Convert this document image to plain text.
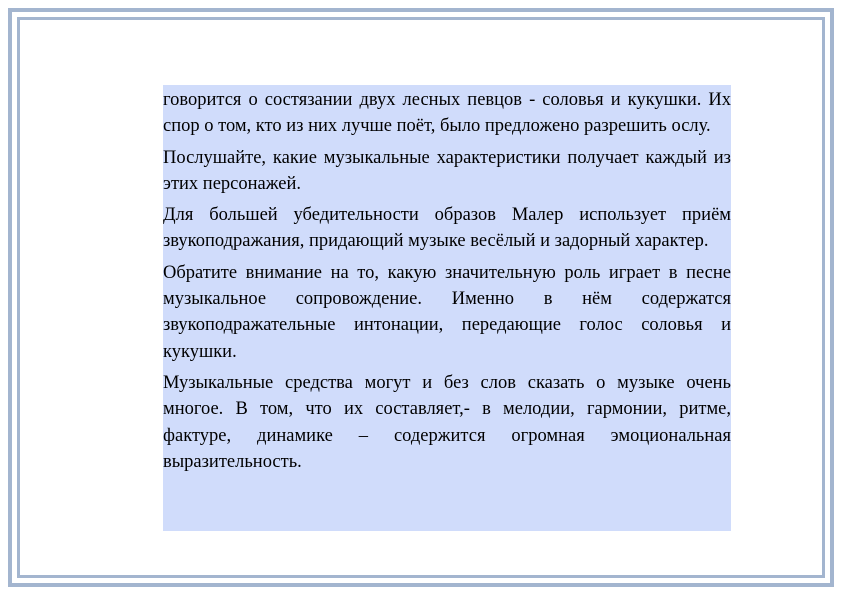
говорится о состязании двух лесных певцов - соловья и кукушки. Их спор о том, кто из них лучше поёт, было предложено разрешить ослу.

Послушайте, какие музыкальные характеристики получает каждый из этих персонажей.

Для большей убедительности образов Малер использует приём звукоподражания, придающий музыке весёлый и задорный характер.

Обратите внимание на то, какую значительную роль играет в песне музыкальное сопровождение. Именно в нём содержатся звукоподражательные интонации, передающие голос соловья и кукушки.

Музыкальные средства могут и без слов сказать о музыке очень многое. В том, что их составляет,- в мелодии, гармонии, ритме, фактуре, динамике – содержится огромная эмоциональная выразительность.
